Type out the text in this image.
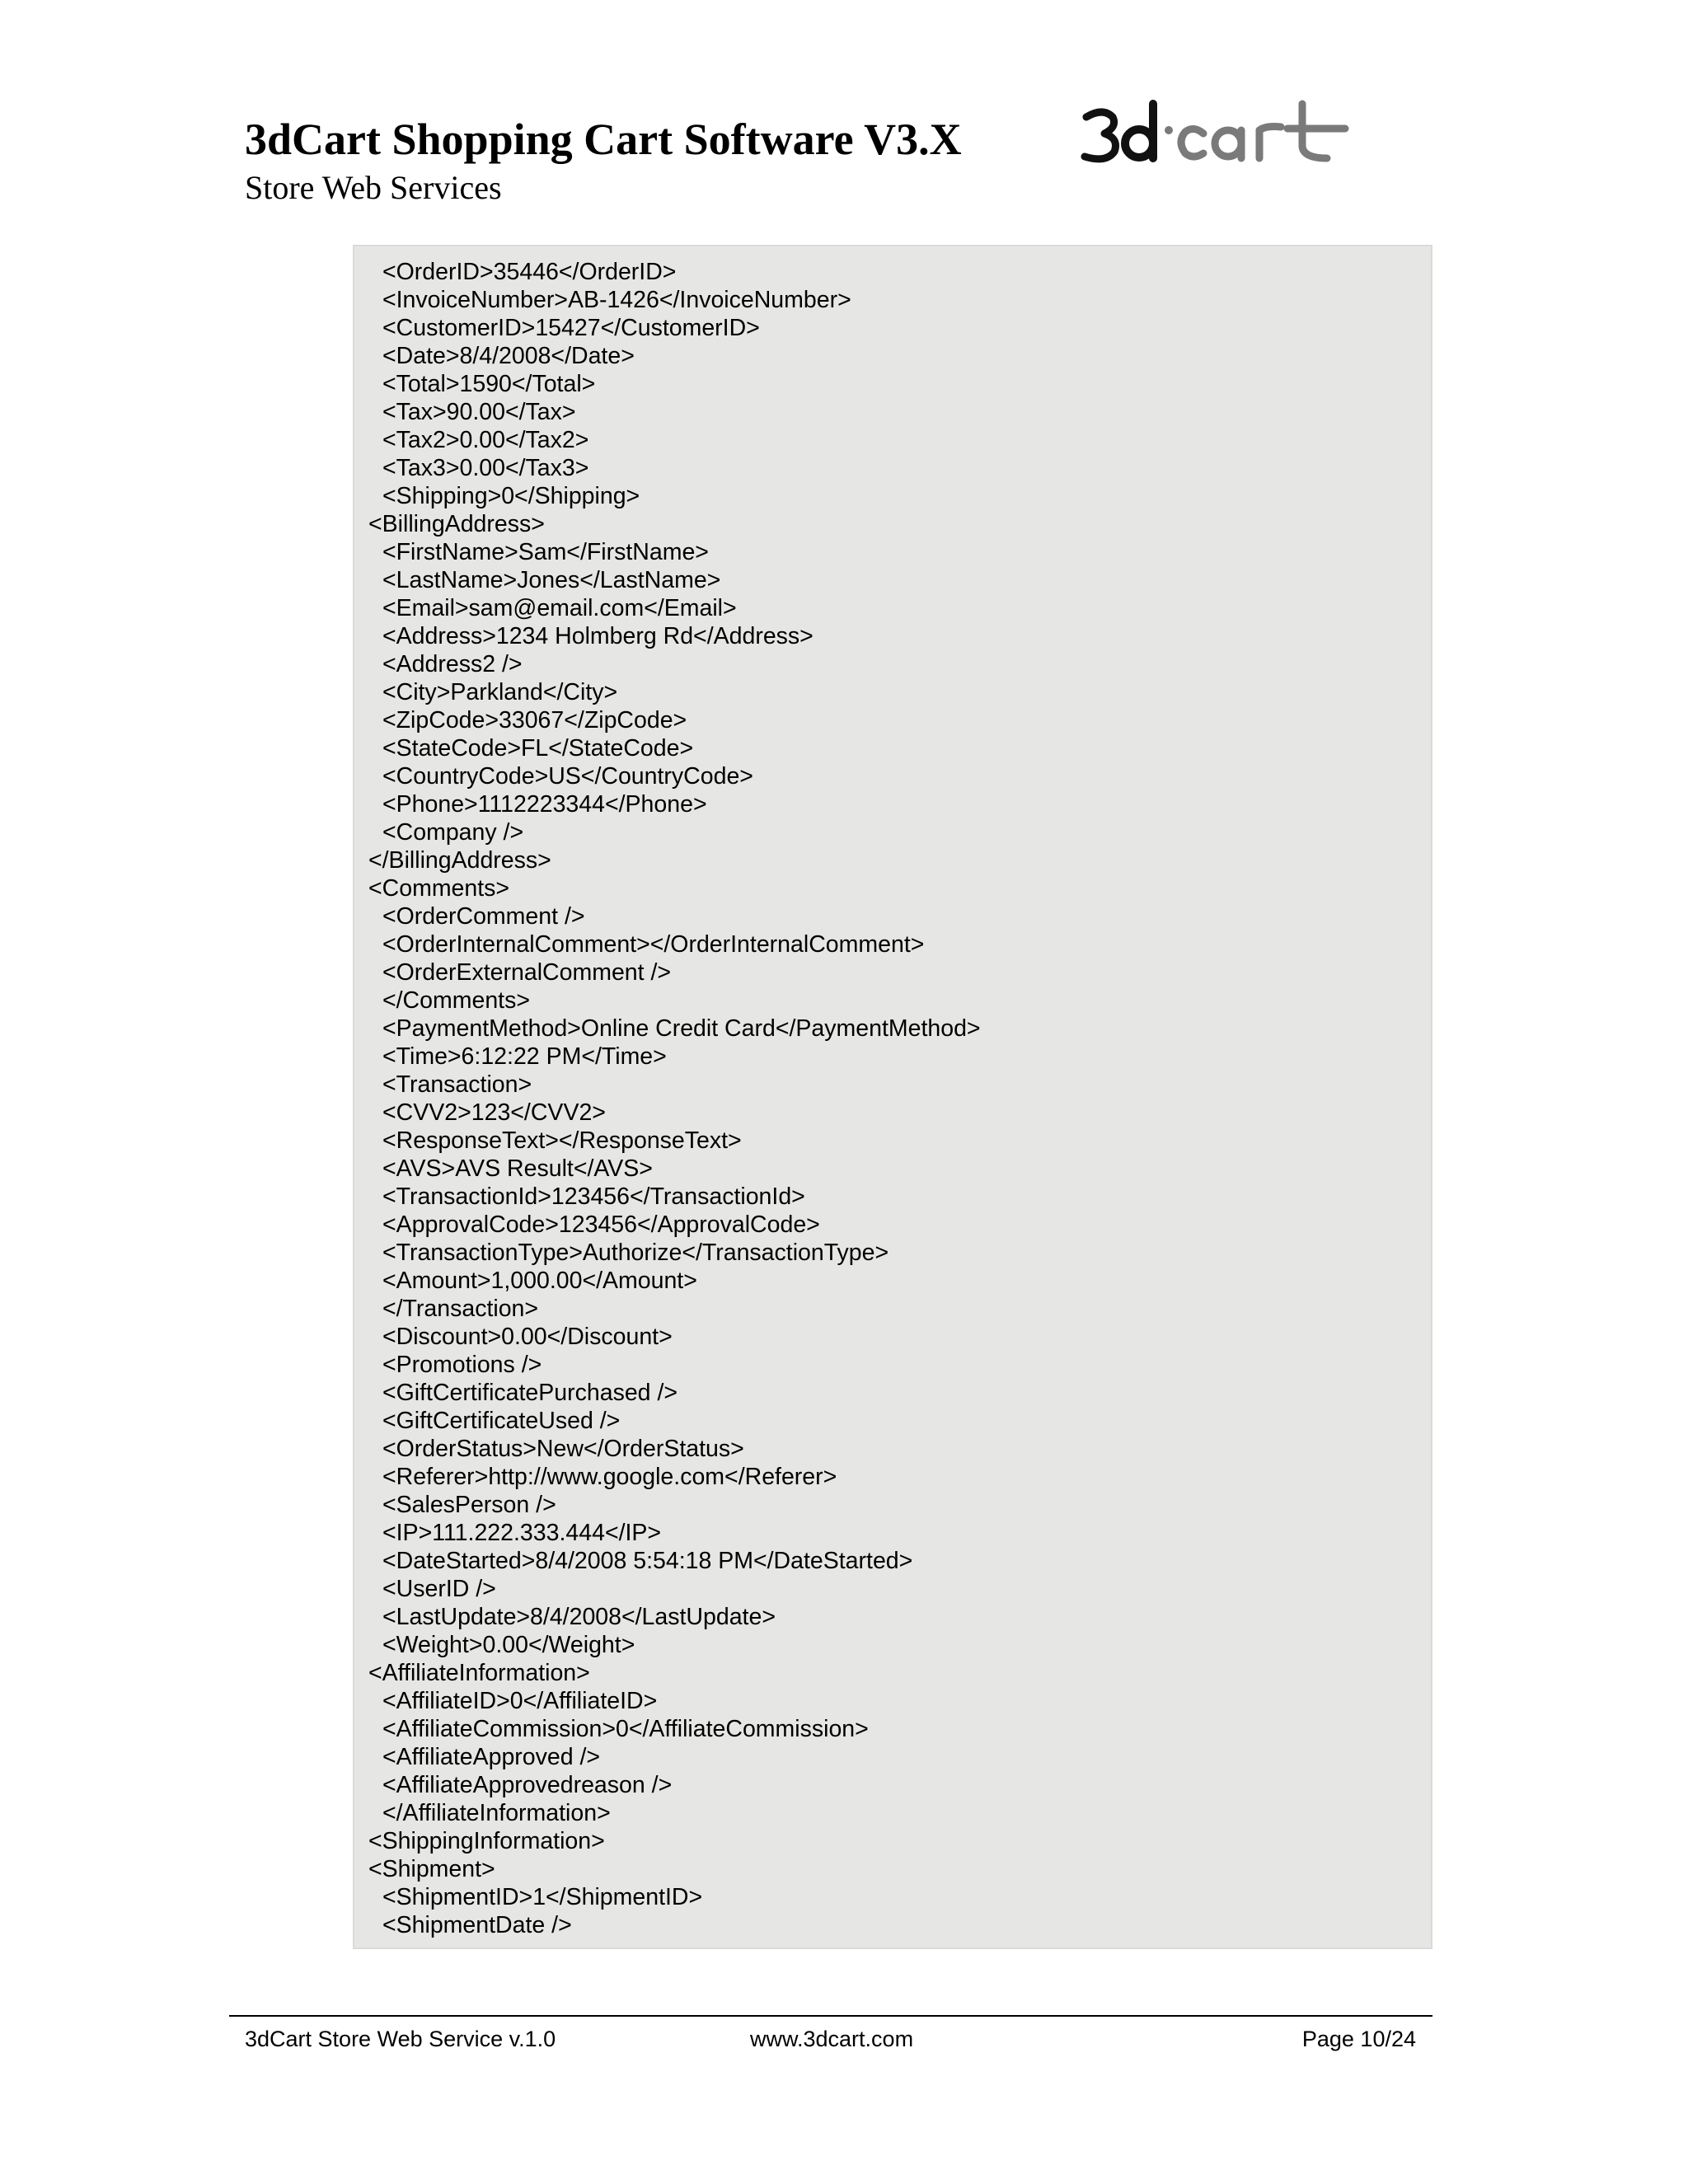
3dCart Shopping Cart Software V3.X
Store Web Services
<OrderID>35446</OrderID>
<InvoiceNumber>AB-1426</InvoiceNumber>
<CustomerID>15427</CustomerID>
<Date>8/4/2008</Date>
<Total>1590</Total>
<Tax>90.00</Tax>
<Tax2>0.00</Tax2>
<Tax3>0.00</Tax3>
<Shipping>0</Shipping>
<BillingAddress>
<FirstName>Sam</FirstName>
<LastName>Jones</LastName>
<Email>sam@email.com</Email>
<Address>1234 Holmberg Rd</Address>
<Address2 />
<City>Parkland</City>
<ZipCode>33067</ZipCode>
<StateCode>FL</StateCode>
<CountryCode>US</CountryCode>
<Phone>1112223344</Phone>
<Company />
</BillingAddress>
<Comments>
<OrderComment />
<OrderInternalComment></OrderInternalComment>
<OrderExternalComment />
</Comments>
<PaymentMethod>Online Credit Card</PaymentMethod>
<Time>6:12:22 PM</Time>
<Transaction>
<CVV2>123</CVV2>
<ResponseText></ResponseText>
<AVS>AVS Result</AVS>
<TransactionId>123456</TransactionId>
<ApprovalCode>123456</ApprovalCode>
<TransactionType>Authorize</TransactionType>
<Amount>1,000.00</Amount>
</Transaction>
<Discount>0.00</Discount>
<Promotions />
<GiftCertificatePurchased />
<GiftCertificateUsed />
<OrderStatus>New</OrderStatus>
<Referer>http://www.google.com</Referer>
<SalesPerson />
<IP>111.222.333.444</IP>
<DateStarted>8/4/2008 5:54:18 PM</DateStarted>
<UserID />
<LastUpdate>8/4/2008</LastUpdate>
<Weight>0.00</Weight>
<AffiliateInformation>
<AffiliateID>0</AffiliateID>
<AffiliateCommission>0</AffiliateCommission>
<AffiliateApproved />
<AffiliateApprovedreason />
</AffiliateInformation>
<ShippingInformation>
<Shipment>
<ShipmentID>1</ShipmentID>
<ShipmentDate />
3dCart Store Web Service v.1.0	www.3dcart.com	Page 10/24
